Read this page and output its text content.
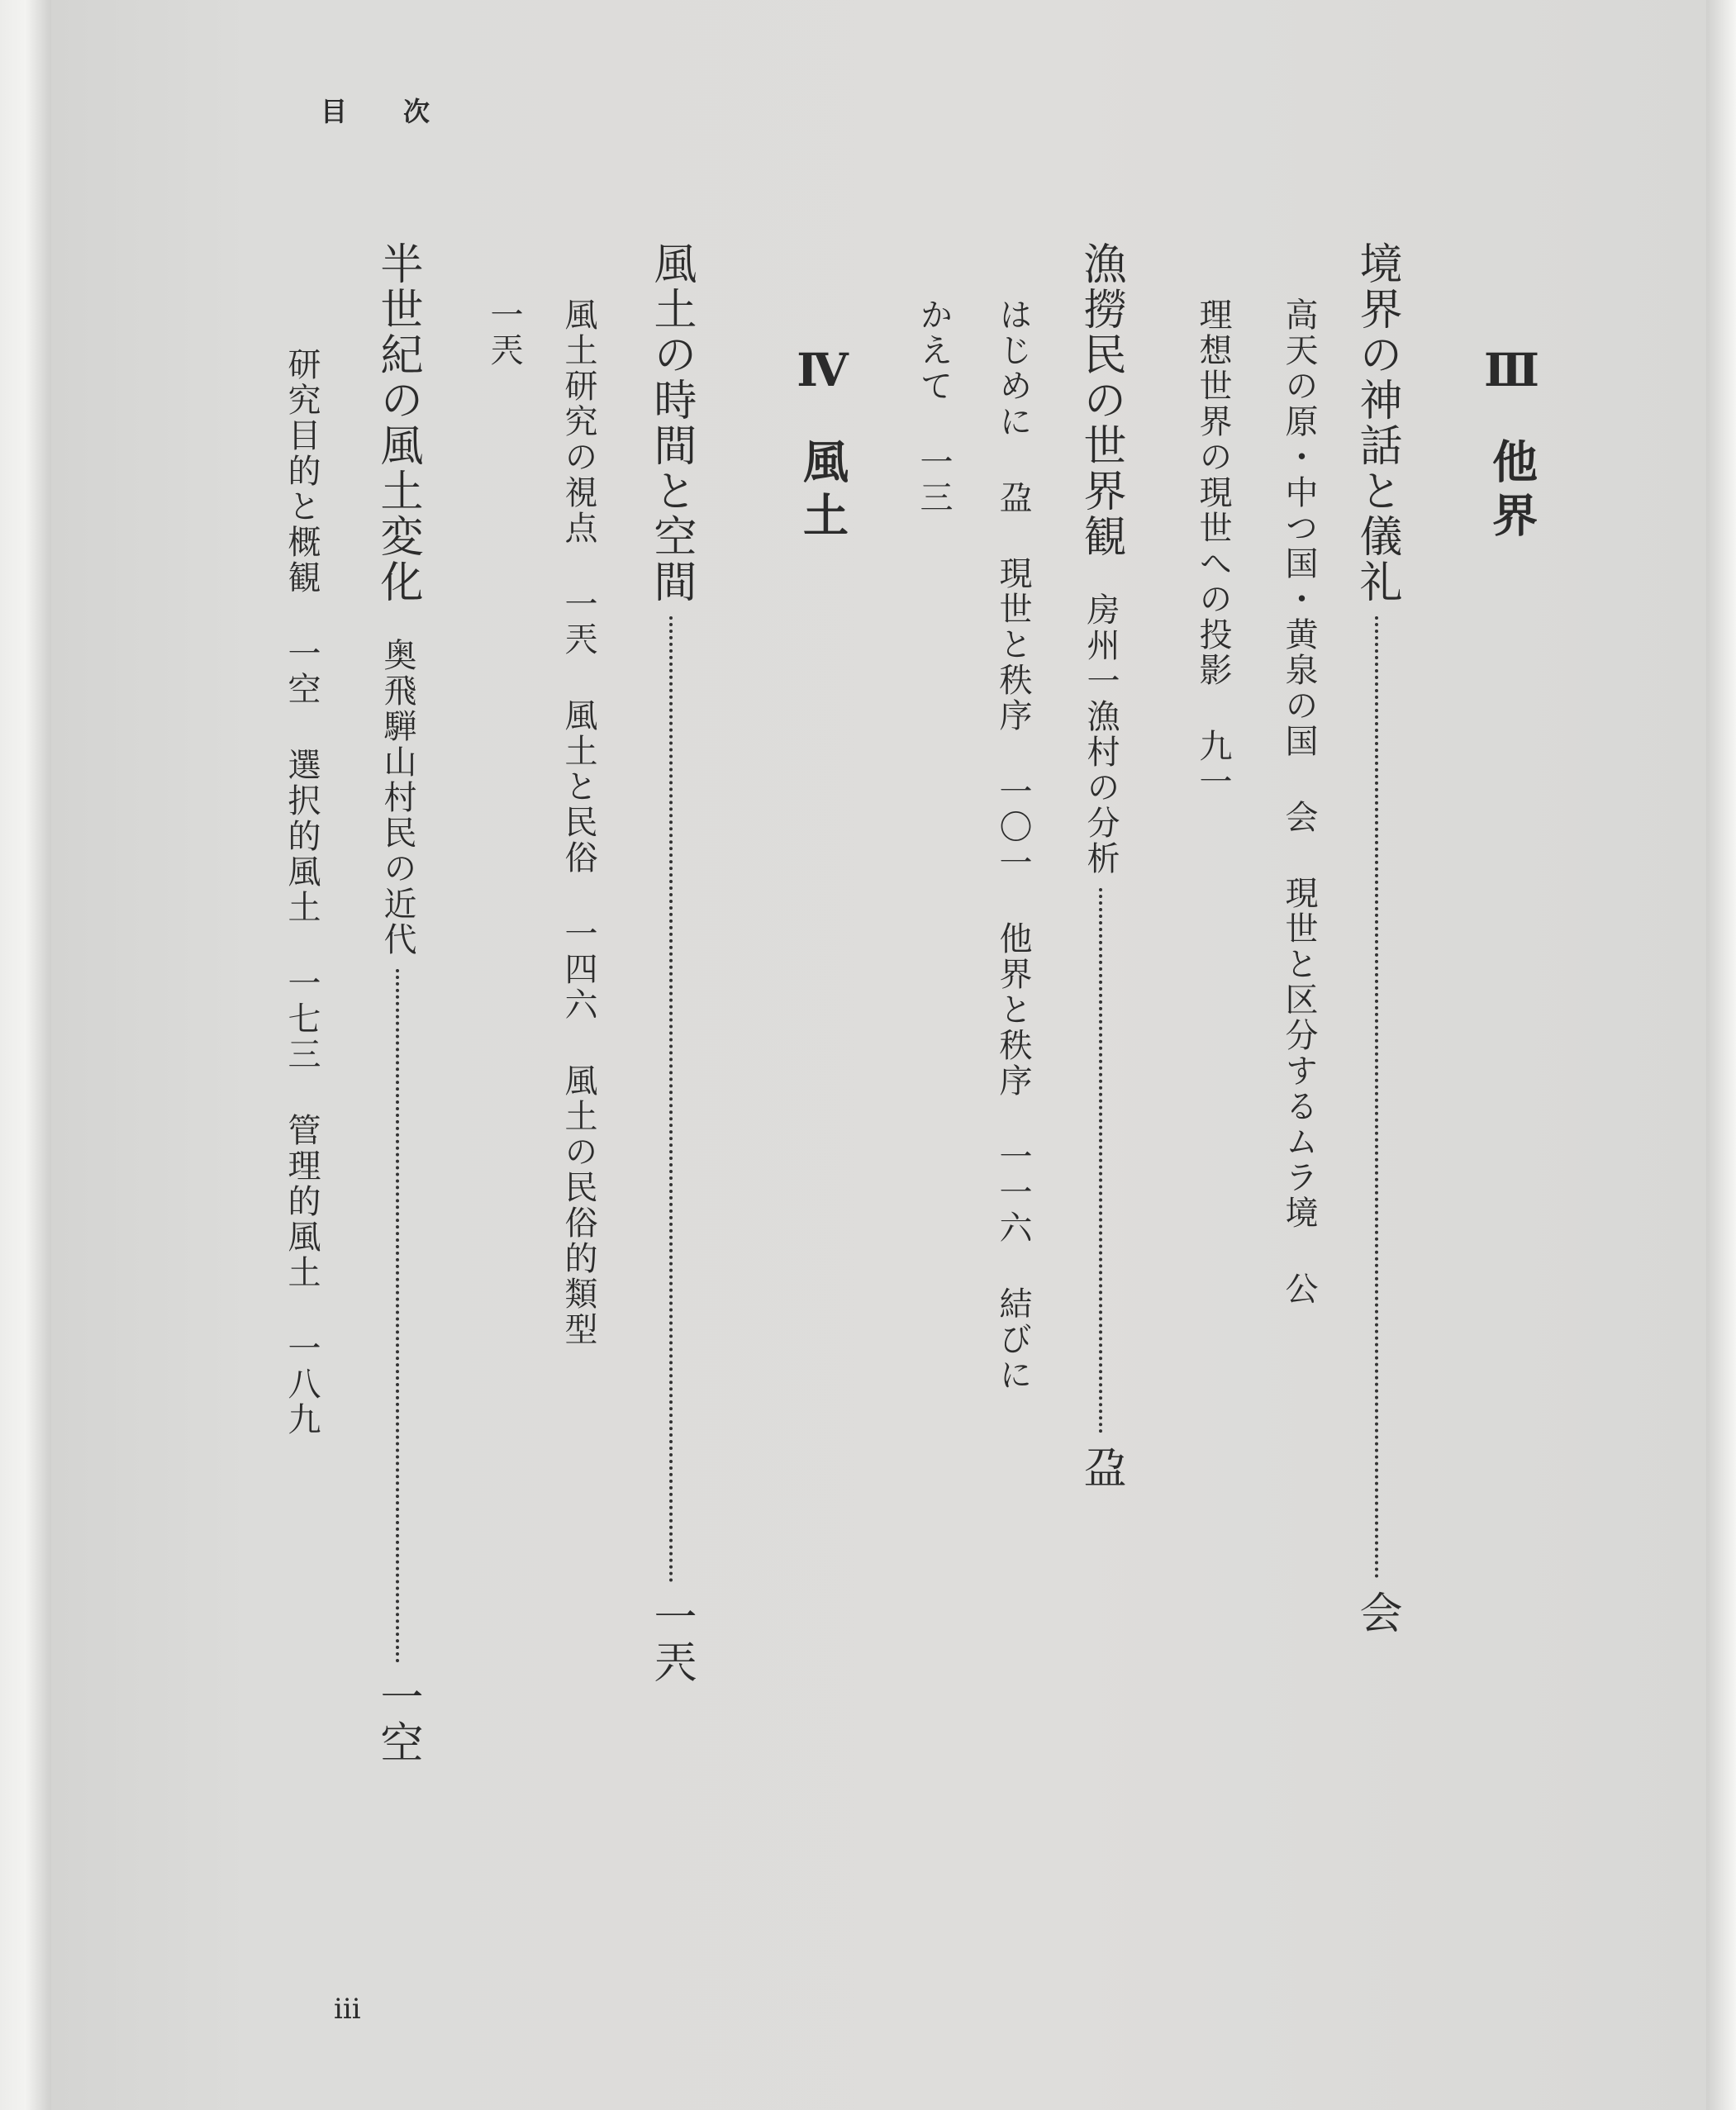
目 次
Ⅲ他界
境界の神話と儀礼会
高天の原・中つ国・黄泉の国 会 現世と区分するムラ境 公
理想世界の現世への投影 九一
漁撈民の世界観房州一漁村の分析盁
はじめに 盁 現世と秩序 一〇一 他界と秩序 一一六 結びに
かえて 一三
Ⅳ風土
風土の時間と空間一兲
風土研究の視点 一兲 風土と民俗 一四六 風土の民俗的類型
一兲
半世紀の風土変化奥飛騨山村民の近代一空
研究目的と概観 一空 選択的風土 一七三 管理的風土 一八九
iii
